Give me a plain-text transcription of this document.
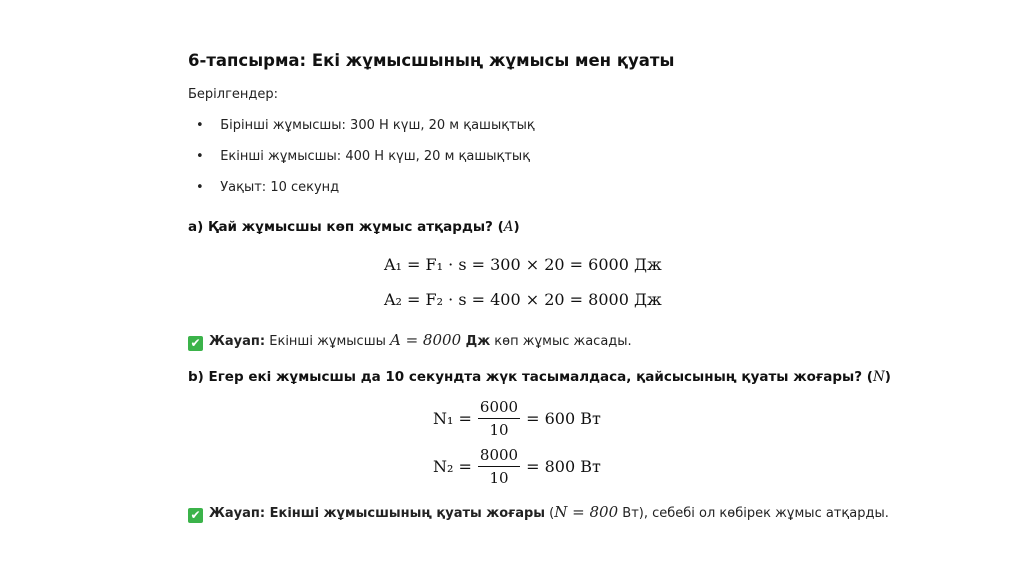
6-тапсырма: Екі жұмысшының жұмысы мен қуаты
Берілгендер:
•    Бірінші жұмысшы: 300 Н күш, 20 м қашықтық
•    Екінші жұмысшы: 400 Н күш, 20 м қашықтық
•    Уақыт: 10 секунд
а) Қай жұмысшы көп жұмыс атқарды? (A)
A₁ = F₁ · s = 300 × 20 = 6000 Дж
A₂ = F₂ · s = 400 × 20 = 8000 Дж
✔ Жауап: Екінші жұмысшы A = 8000 Дж көп жұмыс жасады.
b) Егер екі жұмысшы да 10 секундта жүк тасымалдаса, қайсысының қуаты жоғары? (N)
$N_1 = \frac{6000}{10} = 600$ Вт
$N_2 = \frac{8000}{10} = 800$ Вт
✔ Жауап: Екінші жұмысшының қуаты жоғары (N = 800 Вт), себебі ол көбірек жұмыс атқарды.
